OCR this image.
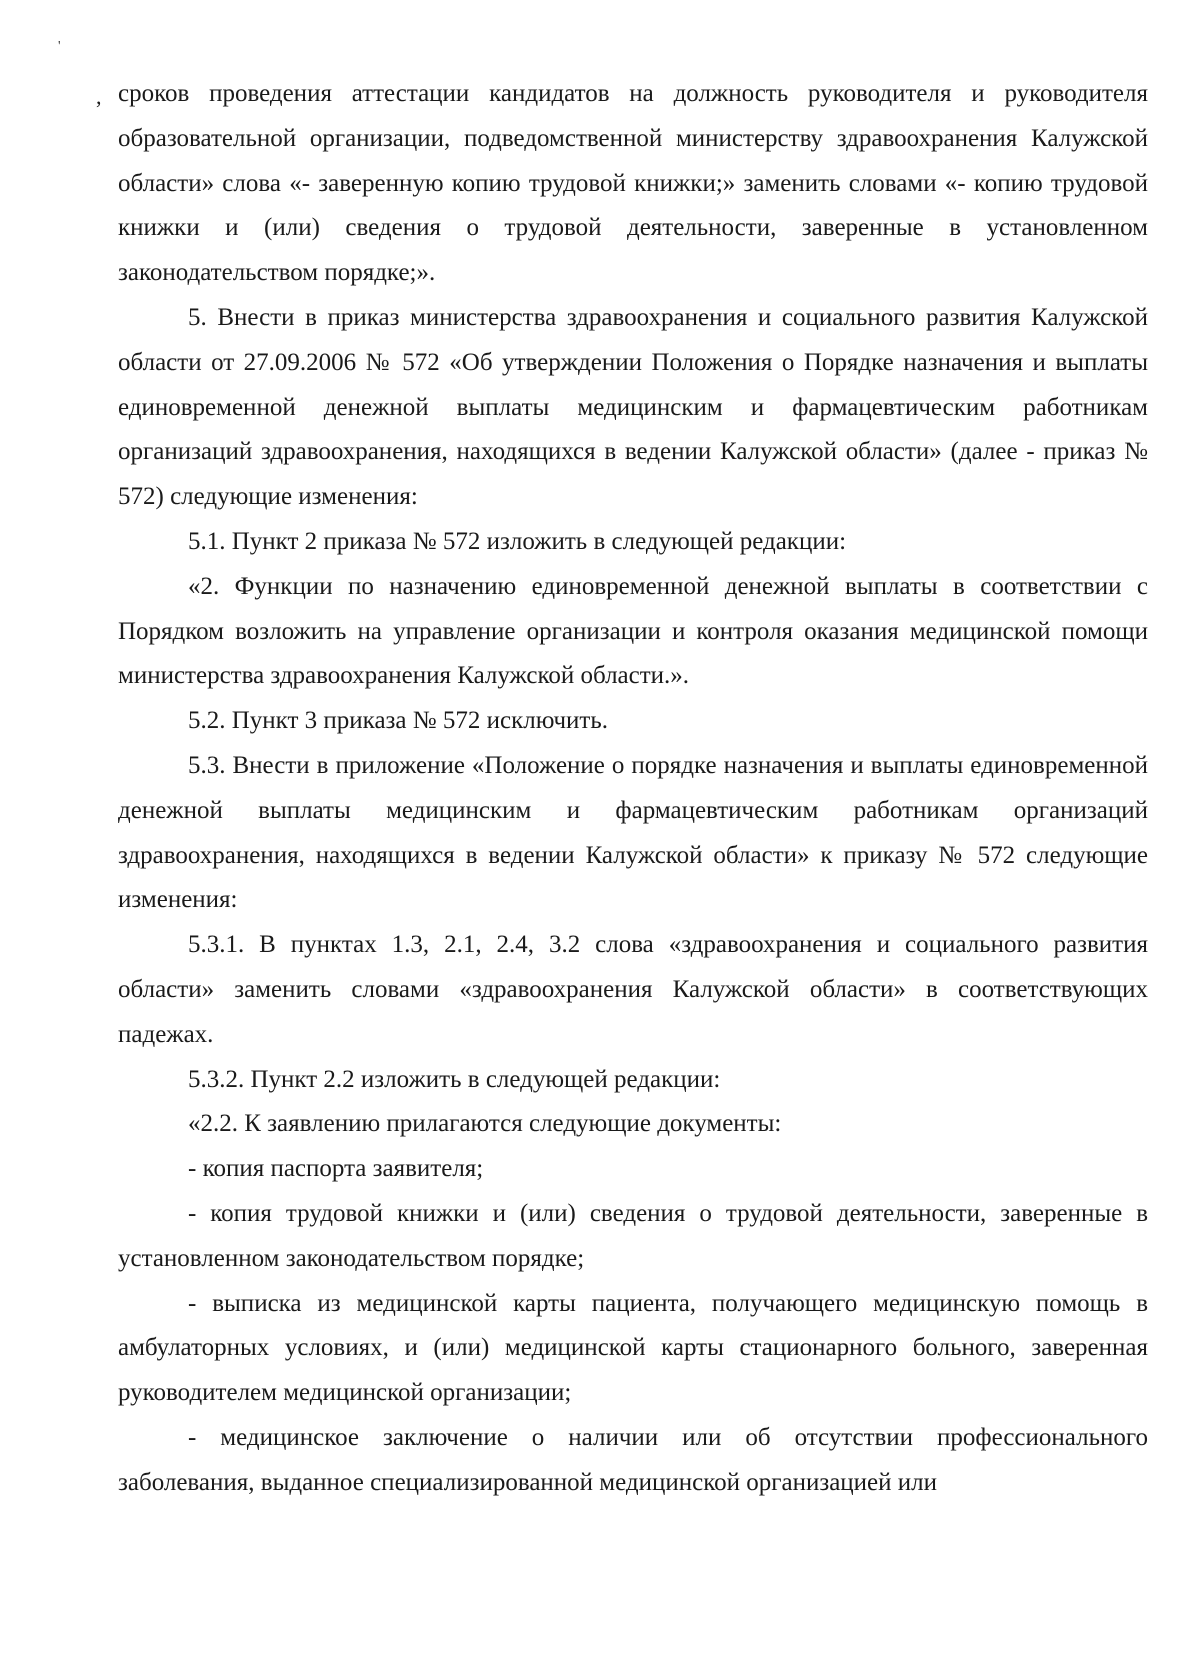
'
, сроков проведения аттестации кандидатов на должность руководителя и руководителя образовательной организации, подведомственной министерству здравоохранения Калужской области» слова «- заверенную копию трудовой книжки;» заменить словами «- копию трудовой книжки и (или) сведения о трудовой деятельности, заверенные в установленном законодательством порядке;».

5. Внести в приказ министерства здравоохранения и социального развития Калужской области от 27.09.2006 № 572 «Об утверждении Положения о Порядке назначения и выплаты единовременной денежной выплаты медицинским и фармацевтическим работникам организаций здравоохранения, находящихся в ведении Калужской области» (далее - приказ № 572) следующие изменения:

5.1. Пункт 2 приказа № 572 изложить в следующей редакции:

«2. Функции по назначению единовременной денежной выплаты в соответствии с Порядком возложить на управление организации и контроля оказания медицинской помощи министерства здравоохранения Калужской области.».

5.2. Пункт 3 приказа № 572 исключить.

5.3. Внести в приложение «Положение о порядке назначения и выплаты единовременной денежной выплаты медицинским и фармацевтическим работникам организаций здравоохранения, находящихся в ведении Калужской области» к приказу № 572 следующие изменения:

5.3.1. В пунктах 1.3, 2.1, 2.4, 3.2 слова «здравоохранения и социального развития области» заменить словами «здравоохранения Калужской области» в соответствующих падежах.

5.3.2. Пункт 2.2 изложить в следующей редакции:

«2.2. К заявлению прилагаются следующие документы:

- копия паспорта заявителя;

- копия трудовой книжки и (или) сведения о трудовой деятельности, заверенные в установленном законодательством порядке;

- выписка из медицинской карты пациента, получающего медицинскую помощь в амбулаторных условиях, и (или) медицинской карты стационарного больного, заверенная руководителем медицинской организации;

- медицинское заключение о наличии или об отсутствии профессионального заболевания, выданное специализированной медицинской организацией или
